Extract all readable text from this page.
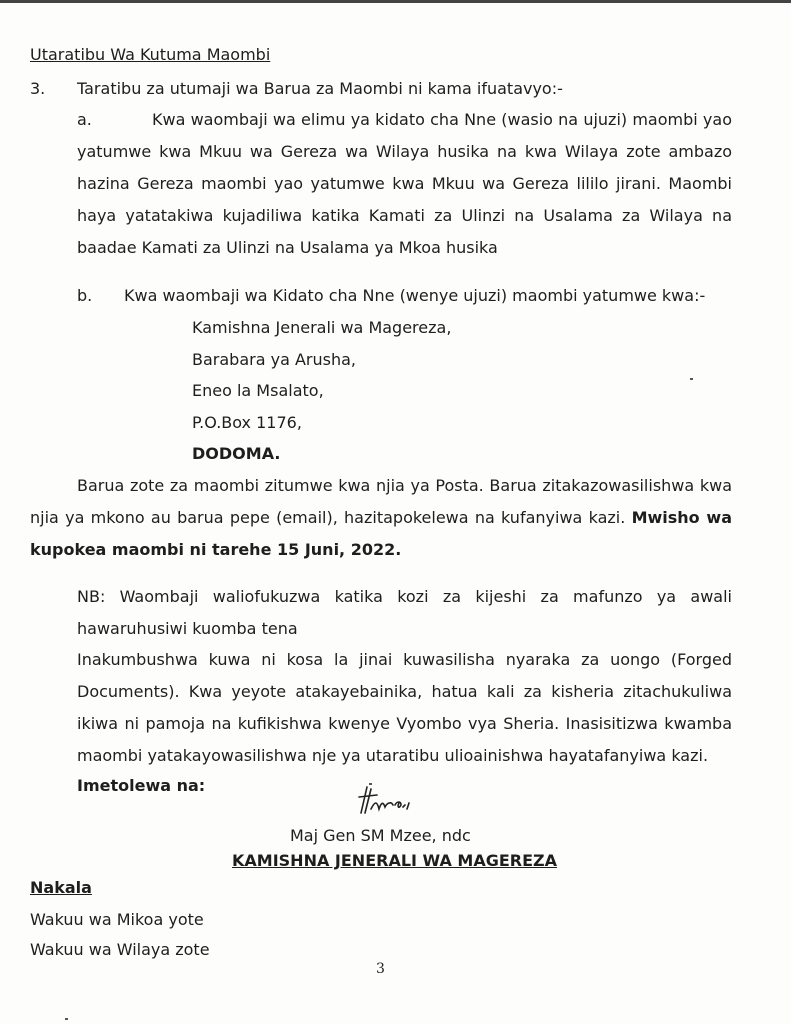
Utaratibu Wa Kutuma Maombi
3. Taratibu za utumaji wa Barua za Maombi ni kama ifuatavyo:-
a.	Kwa waombaji wa elimu ya kidato cha Nne (wasio na ujuzi) maombi yao
yatumwe kwa Mkuu wa Gereza wa Wilaya husika na kwa Wilaya zote ambazo
hazina Gereza maombi yao yatumwe kwa Mkuu wa Gereza lililo jirani. Maombi
haya yatatakiwa kujadiliwa katika Kamati za Ulinzi na Usalama za Wilaya na
baadae Kamati za Ulinzi na Usalama ya Mkoa husika
b. Kwa waombaji wa Kidato cha Nne (wenye ujuzi) maombi yatumwe kwa:-
Kamishna Jenerali wa Magereza,
Barabara ya Arusha,
Eneo la Msalato,
P.O.Box 1176,
DODOMA.
Barua zote za maombi zitumwe kwa njia ya Posta. Barua zitakazowasilishwa kwa
njia ya mkono au barua pepe (email), hazitapokelewa na kufanyiwa kazi. Mwisho wa
kupokea maombi ni tarehe 15 Juni, 2022.
NB: Waombaji waliofukuzwa katika kozi za kijeshi za mafunzo ya awali
hawaruhusiwi kuomba tena
Inakumbushwa kuwa ni kosa la jinai kuwasilisha nyaraka za uongo (Forged
Documents). Kwa yeyote atakayebainika, hatua kali za kisheria zitachukuliwa
ikiwa ni pamoja na kufikishwa kwenye Vyombo vya Sheria. Inasisitizwa kwamba
maombi yatakayowasilishwa nje ya utaratibu ulioainishwa hayatafanyiwa kazi.
Imetolewa na:
Maj Gen SM Mzee, ndc
KAMISHNA JENERALI WA MAGEREZA
Nakala
Wakuu wa Mikoa yote
Wakuu wa Wilaya zote
3
